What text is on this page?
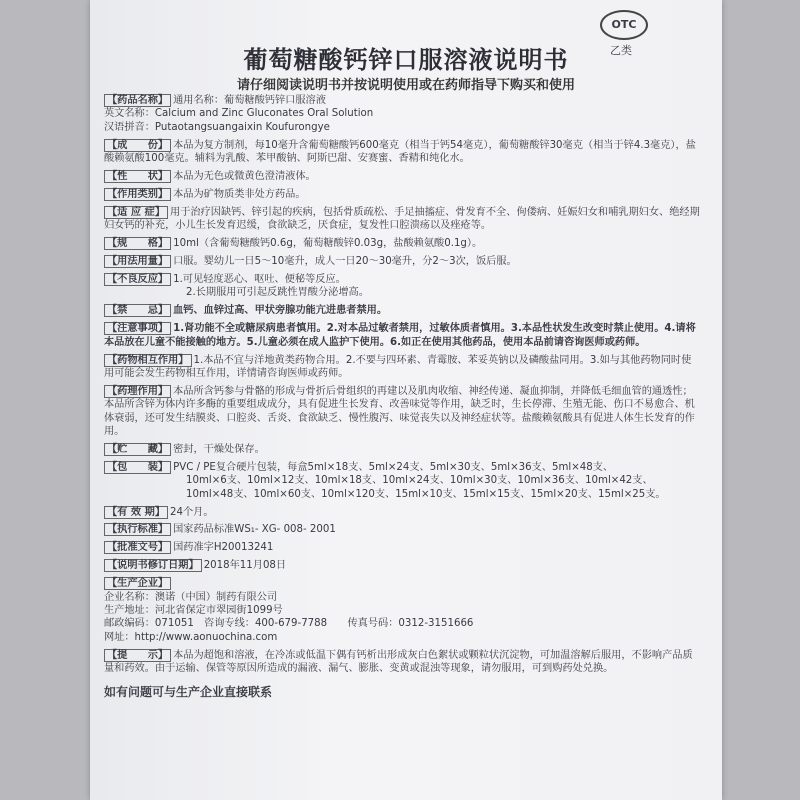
OTC
乙类
葡萄糖酸钙锌口服溶液说明书
请仔细阅读说明书并按说明使用或在药师指导下购买和使用
【药品名称】 通用名称：葡萄糖酸钙锌口服溶液
英文名称：Calcium and Zinc Gluconates Oral Solution
汉语拼音：Putaotangsuangaixin Koufurongye
【成　　份】 本品为复方制剂，每10毫升含葡萄糖酸钙600毫克（相当于钙54毫克），葡萄糖酸锌30毫克（相当于锌4.3毫克），盐酸赖氨酸100毫克。辅料为乳酸、苯甲酸钠、阿斯巴甜、安赛蜜、香精和纯化水。
【性　　状】 本品为无色或微黄色澄清液体。
【作用类别】 本品为矿物质类非处方药品。
【适 应 症】 用于治疗因缺钙、锌引起的疾病，包括骨质疏松、手足抽搐症、骨发育不全、佝偻病、妊娠妇女和哺乳期妇女、绝经期妇女钙的补充，小儿生长发育迟缓，食欲缺乏，厌食症，复发性口腔溃疡以及痤疮等。
【规　　格】 10ml（含葡萄糖酸钙0.6g，葡萄糖酸锌0.03g，盐酸赖氨酸0.1g）。
【用法用量】 口服。婴幼儿一日5～10毫升，成人一日20～30毫升，分2～3次，饭后服。
【不良反应】 1.可见轻度恶心、呕吐、便秘等反应。
2.长期服用可引起反跳性胃酸分泌增高。
【禁　　忌】 血钙、血锌过高、甲状旁腺功能亢进患者禁用。
【注意事项】 1.肾功能不全或糖尿病患者慎用。2.对本品过敏者禁用，过敏体质者慎用。3.本品性状发生改变时禁止使用。4.请将本品放在儿童不能接触的地方。5.儿童必须在成人监护下使用。6.如正在使用其他药品，使用本品前请咨询医师或药师。
【药物相互作用】 1.本品不宜与洋地黄类药物合用。2.不要与四环素、青霉胺、苯妥英钠以及磷酸盐同用。3.如与其他药物同时使用可能会发生药物相互作用，详情请咨询医师或药师。
【药理作用】 本品所含钙参与骨骼的形成与骨折后骨组织的再建以及肌肉收缩、神经传递、凝血抑制，并降低毛细血管的通透性；本品所含锌为体内许多酶的重要组成成分，具有促进生长发育、改善味觉等作用，缺乏时，生长停滞、生殖无能、伤口不易愈合、机体衰弱，还可发生结膜炎、口腔炎、舌炎、食欲缺乏、慢性腹泻、味觉丧失以及神经症状等。盐酸赖氨酸具有促进人体生长发育的作用。
【贮　　藏】 密封，干燥处保存。
【包　　装】 PVC / PE复合硬片包装，每盒5ml×18支、5ml×24支、5ml×30支、5ml×36支、5ml×48支、
10ml×6支、10ml×12支、10ml×18支、10ml×24支、10ml×30支、10ml×36支、10ml×42支、
10ml×48支、10ml×60支、10ml×120支、15ml×10支、15ml×15支、15ml×20支、15ml×25支。
【有 效 期】 24个月。
【执行标准】 国家药品标准WS₁- XG- 008- 2001
【批准文号】 国药准字H20013241
【说明书修订日期】 2018年11月08日
【生产企业】
企业名称：澳诺（中国）制药有限公司
生产地址：河北省保定市翠园街1099号
邮政编码：071051　咨询专线：400-679-7788　　传真号码：0312-3151666
网址：http://www.aonuochina.com
【提　　示】 本品为超饱和溶液，在冷冻或低温下偶有钙析出形成灰白色絮状或颗粒状沉淀物，可加温溶解后服用，不影响产品质量和药效。由于运输、保管等原因所造成的漏液、漏气、膨胀、变黄或混浊等现象，请勿服用，可到购药处兑换。
如有问题可与生产企业直接联系
